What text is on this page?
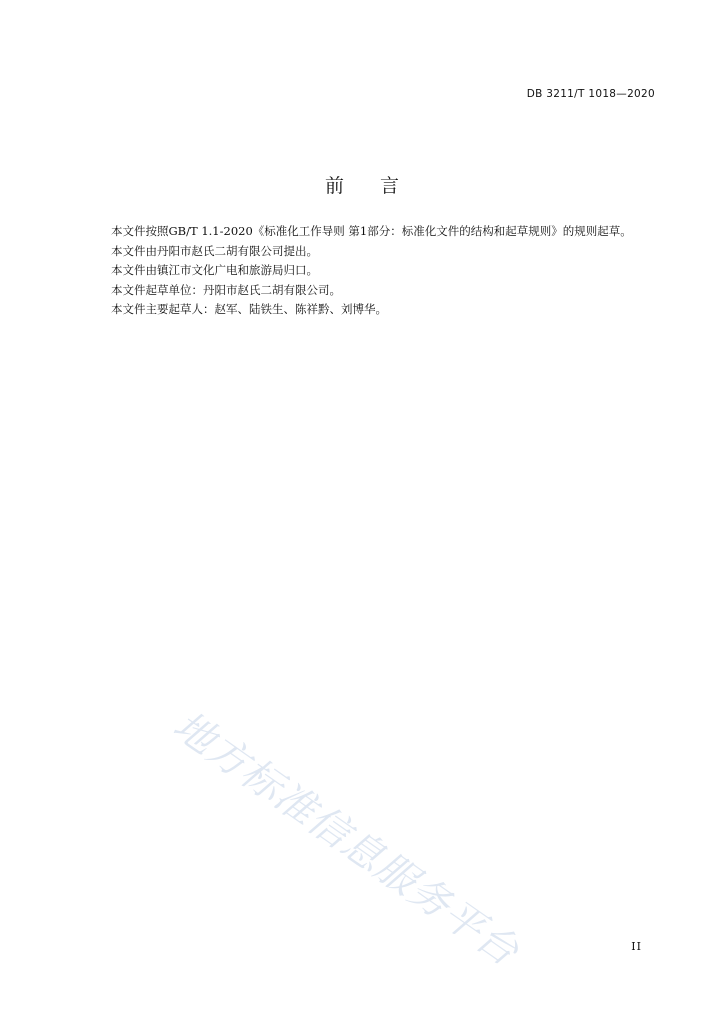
DB 3211/T 1018—2020
前 言

本文件按照GB/T 1.1-2020《标准化工作导则 第1部分：标准化文件的结构和起草规则》的规则起草。

本文件由丹阳市赵氏二胡有限公司提出。

本文件由镇江市文化广电和旅游局归口。

本文件起草单位：丹阳市赵氏二胡有限公司。

本文件主要起草人：赵军、陆铁生、陈祥黔、刘博华。

地方标准信息服务平台	II
